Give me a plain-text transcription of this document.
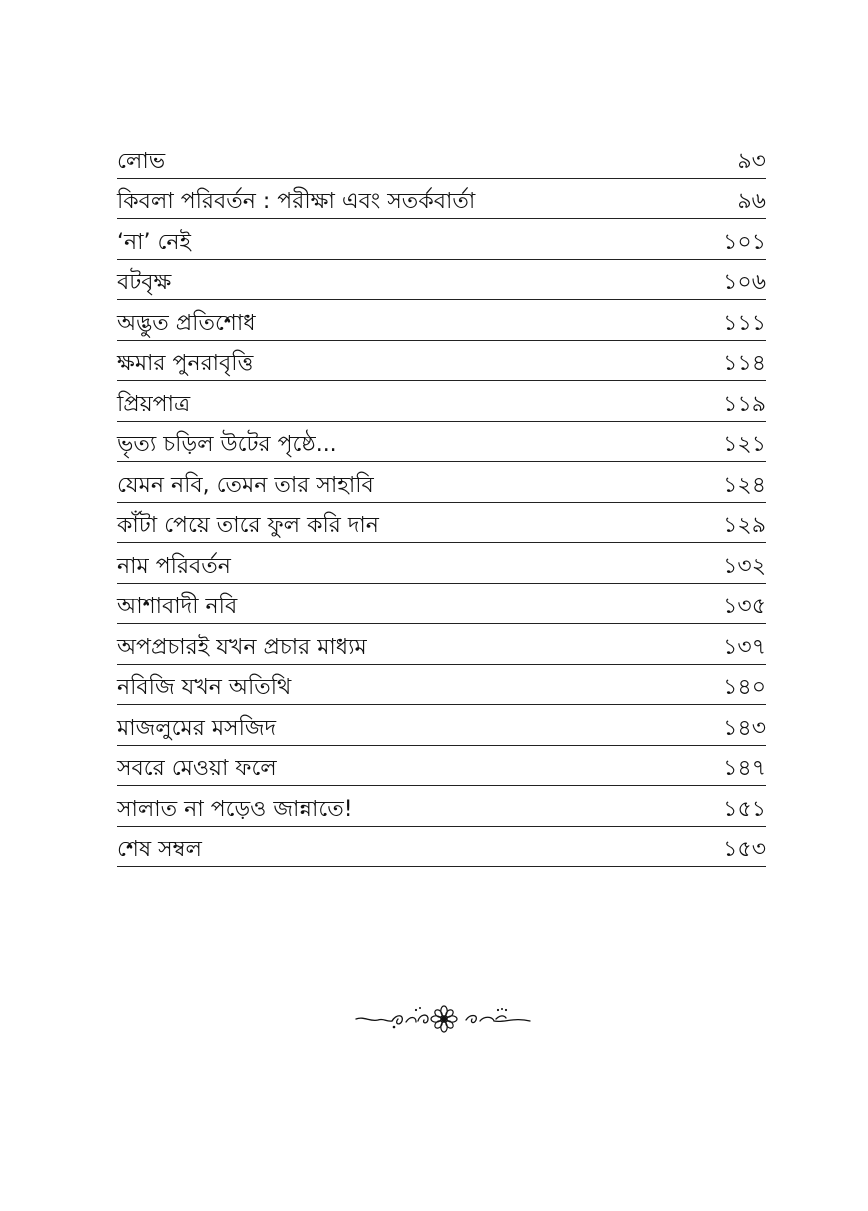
লোভ	৯৩
কিবলা পরিবর্তন : পরীক্ষা এবং সতর্কবার্তা	৯৬
‘না’ নেই	১০১
বটবৃক্ষ	১০৬
অদ্ভুত প্রতিশোধ	১১১
ক্ষমার পুনরাবৃত্তি	১১৪
প্রিয়পাত্র	১১৯
ভৃত্য চড়িল উটের পৃষ্ঠে...	১২১
যেমন নবি, তেমন তার সাহাবি	১২৪
কাঁটা পেয়ে তারে ফুল করি দান	১২৯
নাম পরিবর্তন	১৩২
আশাবাদী নবি	১৩৫
অপপ্রচারই যখন প্রচার মাধ্যম	১৩৭
নবিজি যখন অতিথি	১৪০
মাজলুমের মসজিদ	১৪৩
সবরে মেওয়া ফলে	১৪৭
সালাত না পড়েও জান্নাতে!	১৫১
শেষ সম্বল	১৫৩
